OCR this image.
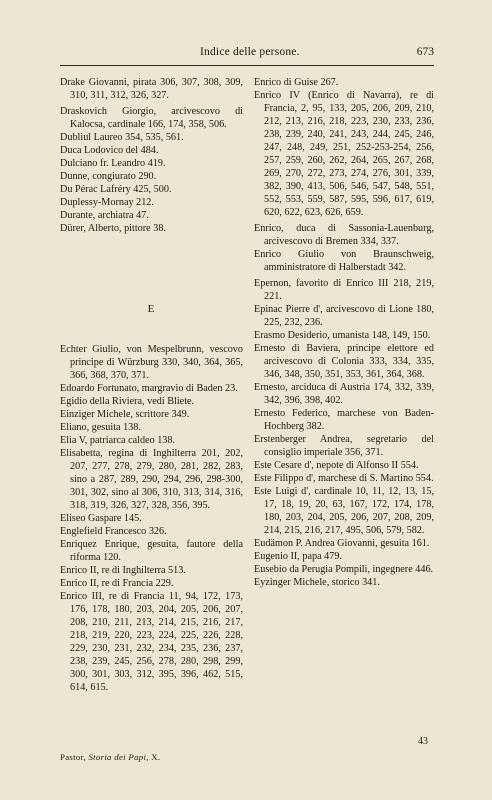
Indice delle persone.	673

Drake Giovanni, pirata 306, 307, 308, 309, 310, 311, 312, 326, 327.

Draskovich Giorgio, arcivescovo di Kalocsa, cardinale 166, 174, 358, 506.

Dubliul Laureo 354, 535, 561.

Duca Lodovico del 484.

Dulciano fr. Leandro 419.

Dunne, congiurato 290.

Du Pérac Lafréry 425, 500.

Duplessy-Mornay 212.

Durante, archiatra 47.

Dürer, Alberto, pittore 38.

E

Echter Giulio, von Mespelbrunn, vescovo principe di Würzburg 330, 340, 364, 365, 366, 368, 370, 371.

Edoardo Fortunato, margravio di Baden 23.

Egidio della Riviera, vedi Bliete.

Einziger Michele, scrittore 349.

Eliano, gesuita 138.

Elia V, patriarca caldeo 138.

Elisabetta, regina di Inghilterra 201, 202, 207, 277, 278, 279, 280, 281, 282, 283, sino a 287, 289, 290, 294, 296, 298-300, 301, 302, sino al 306, 310, 313, 314, 316, 318, 319, 326, 327, 328, 356, 395.

Eliseo Gaspare 145.

Englefield Francesco 326.

Enriquez Enrique, gesuita, fautore della riforma 120.

Enrico II, re di Inghilterra 513.

Enrico II, re di Francia 229.

Enrico III, re di Francia 11, 94, 172, 173, 176, 178, 180, 203, 204, 205, 206, 207, 208, 210, 211, 213, 214, 215, 216, 217, 218, 219, 220, 223, 224, 225, 226, 228, 229, 230, 231, 232, 234, 235, 236, 237, 238, 239, 245, 256, 278, 280, 298, 299, 300, 301, 303, 312, 395, 396, 462, 515, 614, 615.

Enrico di Guise 267.

Enrico IV (Enrico di Navarra), re di Francia, 2, 95, 133, 205, 206, 209, 210, 212, 213, 216, 218, 223, 230, 233, 236, 238, 239, 240, 241, 243, 244, 245, 246, 247, 248, 249, 251, 252-253-254, 256, 257, 259, 260, 262, 264, 265, 267, 268, 269, 270, 272, 273, 274, 276, 301, 339, 382, 390, 413, 506, 546, 547, 548, 551, 552, 553, 559, 587, 595, 596, 617, 619, 620, 622, 623, 626, 659.

Enrico, duca di Sassonia-Lauenburg, arcivescovo di Bremen 334, 337.

Enrico Giulio von Braunschweig, amministratore di Halberstadt 342.

Epernon, favorito di Enrico III 218, 219, 221.

Epinac Pierre d', arcivescovo di Lione 180, 225, 232, 236.

Erasmo Desiderio, umanista 148, 149, 150.

Ernesto di Baviera, principe elettore ed arcivescovo di Colonia 333, 334, 335, 346, 348, 350, 351, 353, 361, 364, 368.

Ernesto, arciduca di Austria 174, 332, 339, 342, 396, 398, 402.

Ernesto Federico, marchese von Baden-Hochberg 382.

Erstenberger Andrea, segretario del consiglio imperiale 356, 371.

Este Cesare d', nepote di Alfonso II 554.

Este Filippo d', marchese di S. Martino 554.

Este Luigi d', cardinale 10, 11, 12, 13, 15, 17, 18, 19, 20, 63, 167, 172, 174, 178, 180, 203, 204, 205, 206, 207, 208, 209, 214, 215, 216, 217, 495, 506, 579, 582.

Eudämon P. Andrea Giovanni, gesuita 161.

Eugenio II, papa 479.

Eusebio da Perugia Pompili, ingegnere 446.

Eyzinger Michele, storico 341.

Pastor, Storia dei Papi, X.
43
